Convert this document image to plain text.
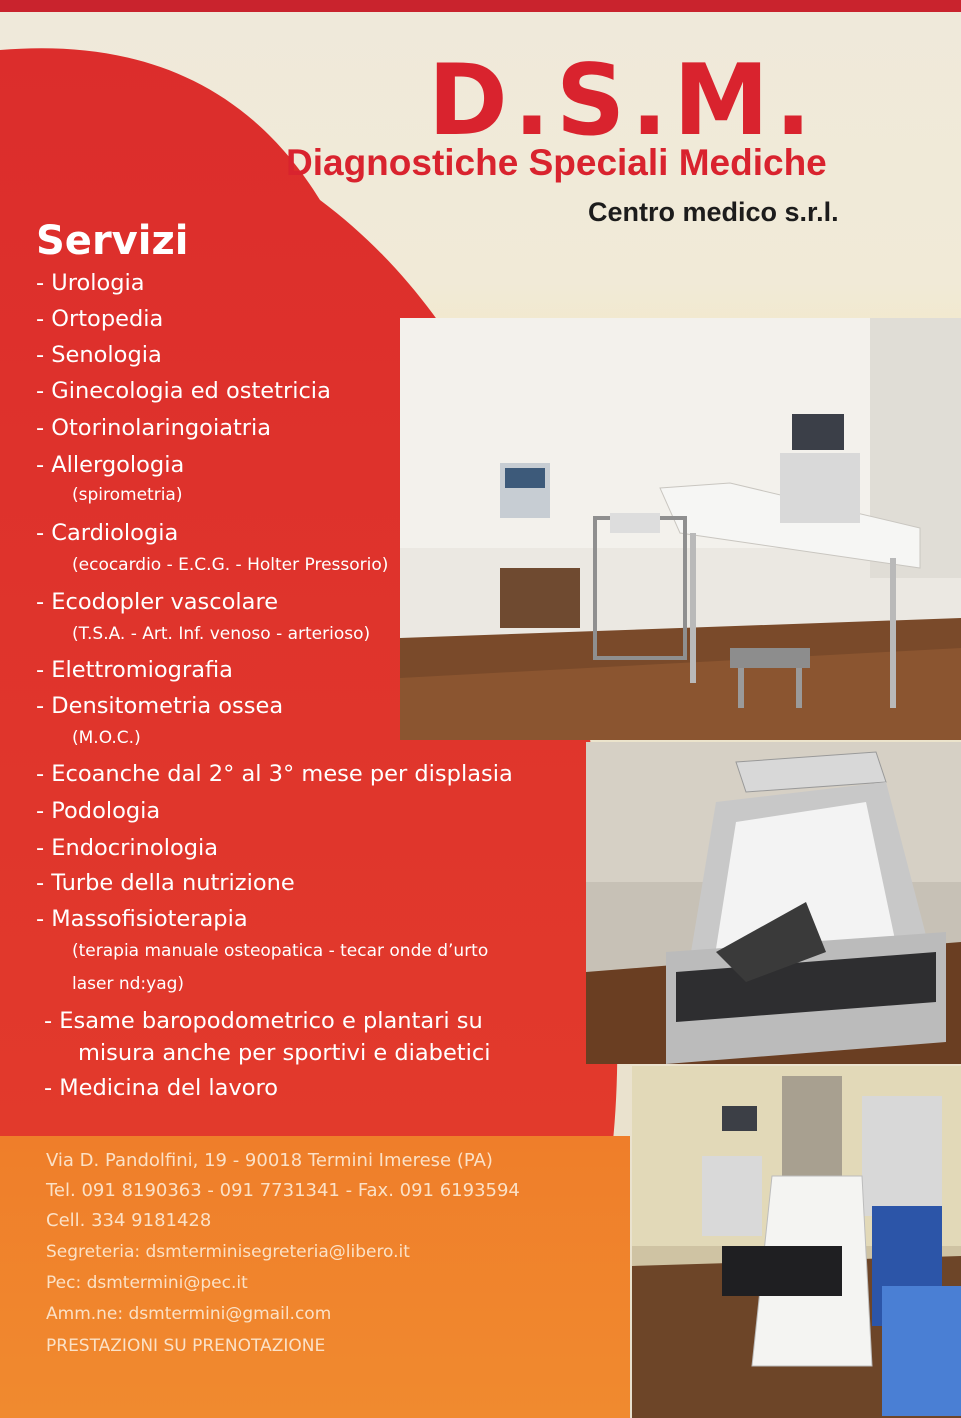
D.S.M.
Diagnostiche Speciali Mediche
Centro medico s.r.l.
Servizi
- Urologia
- Ortopedia
- Senologia
- Ginecologia ed ostetricia
- Otorinolaringoiatria
- Allergologia
(spirometria)
- Cardiologia
(ecocardio - E.C.G. - Holter Pressorio)
- Ecodopler vascolare
(T.S.A. - Art. Inf. venoso - arterioso)
- Elettromiografia
- Densitometria ossea
(M.O.C.)
- Ecoanche dal 2° al 3° mese per displasia
- Podologia
- Endocrinologia
- Turbe della nutrizione
- Massofisioterapia
(terapia manuale osteopatica - tecar onde d’urto
laser nd:yag)
- Esame baropodometrico e plantari su
misura anche per sportivi e diabetici
- Medicina del lavoro
Via D. Pandolfini, 19 - 90018 Termini Imerese (PA)
Tel. 091 8190363 - 091 7731341 - Fax. 091 6193594
Cell. 334 9181428
Segreteria: dsmterminisegreteria@libero.it
Pec: dsmtermini@pec.it
Amm.ne: dsmtermini@gmail.com
PRESTAZIONI SU PRENOTAZIONE
